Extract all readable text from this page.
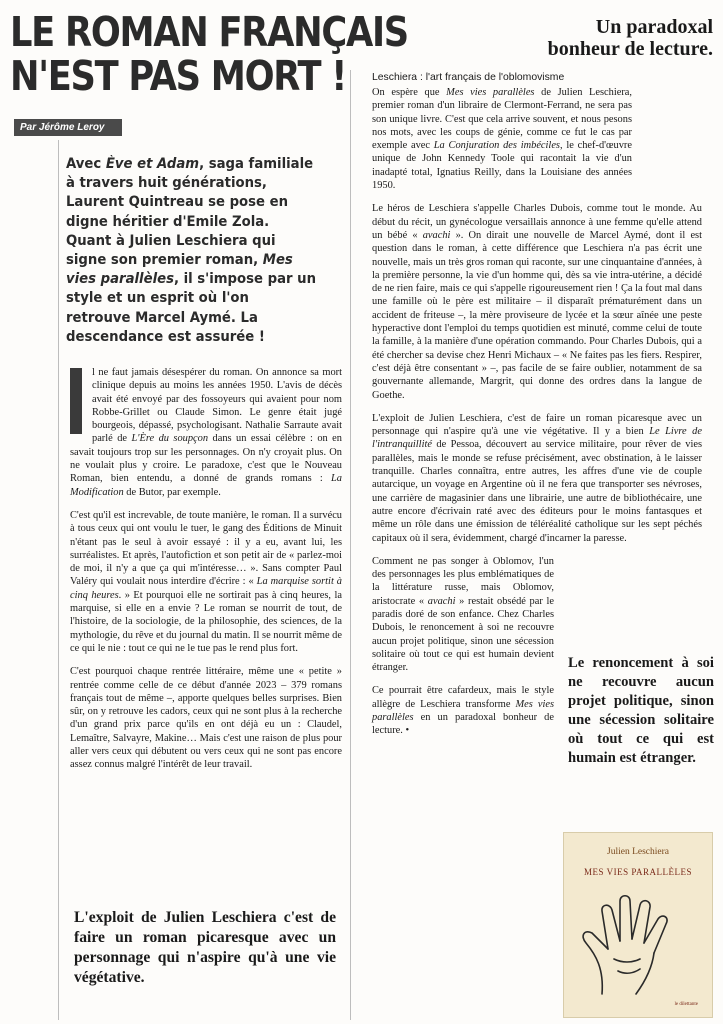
LE ROMAN FRANÇAIS
N'EST PAS MORT !
Par Jérôme Leroy
Un paradoxal
bonheur de lecture.
Avec Ève et Adam, saga familiale à travers huit générations, Laurent Quintreau se pose en digne héritier d'Emile Zola. Quant à Julien Leschiera qui signe son premier roman, Mes vies parallèles, il s'impose par un style et un esprit où l'on retrouve Marcel Aymé. La descendance est assurée !

l ne faut jamais désespérer du roman. On annonce sa mort clinique depuis au moins les années 1950. L'avis de décès avait été envoyé par des fossoyeurs qui avaient pour nom Robbe-Grillet ou Claude Simon. Le genre était jugé bourgeois, dépassé, psychologisant. Nathalie Sarraute avait parlé de L'Ère du soupçon dans un essai célèbre : on en savait toujours trop sur les personnages. On n'y croyait plus. On ne voulait plus y croire. Le paradoxe, c'est que le Nouveau Roman, bien entendu, a donné de grands romans : La Modification de Butor, par exemple.

C'est qu'il est increvable, de toute manière, le roman. Il a survécu à tous ceux qui ont voulu le tuer, le gang des Éditions de Minuit n'étant pas le seul à avoir essayé : il y a eu, avant lui, les surréalistes. Et après, l'autofiction et son petit air de « parlez-moi de moi, il n'y a que ça qui m'intéresse… ». Sans compter Paul Valéry qui voulait nous interdire d'écrire : « La marquise sortit à cinq heures. » Et pourquoi elle ne sortirait pas à cinq heures, la marquise, si elle en a envie ? Le roman se nourrit de tout, de l'histoire, de la sociologie, de la philosophie, des sciences, de la mythologie, du rêve et du journal du matin. Il se nourrit même de ce qui le nie : tout ce qui ne le tue pas le rend plus fort.

C'est pourquoi chaque rentrée littéraire, même une « petite » rentrée comme celle de ce début d'année 2023 – 379 romans français tout de même –, apporte quelques belles surprises. Bien sûr, on y retrouve les cadors, ceux qui ne sont plus à la recherche d'un grand prix parce qu'ils en ont déjà eu un : Claudel, Lemaître, Salvayre, Makine… Mais c'est une raison de plus pour aller vers ceux qui débutent ou vers ceux qui ne sont pas encore assez connus malgré l'intérêt de leur travail.

L'exploit de Julien Leschiera c'est de faire un roman picaresque avec un personnage qui n'aspire qu'à une vie végétative.
Leschiera : l'art français de l'oblomovisme

On espère que Mes vies parallèles de Julien Leschiera, premier roman d'un libraire de Clermont-Ferrand, ne sera pas son unique livre. C'est que cela arrive souvent, et nous pesons nos mots, avec les coups de génie, comme ce fut le cas par exemple avec La Conjuration des imbéciles, le chef-d'œuvre unique de John Kennedy Toole qui racontait la vie d'un inadapté total, Ignatius Reilly, dans la Louisiane des années 1950.

Le héros de Leschiera s'appelle Charles Dubois, comme tout le monde. Au début du récit, un gynécologue versaillais annonce à une femme qu'elle attend un bébé « avachi ». On dirait une nouvelle de Marcel Aymé, dont il est question dans le roman, à cette différence que Leschiera n'a pas écrit une nouvelle, mais un très gros roman qui raconte, sur une cinquantaine d'années, à la première personne, la vie d'un homme qui, dès sa vie intra-utérine, a décidé de ne rien faire, mais ce qui s'appelle rigoureusement rien ! Ça la fout mal dans une famille où le père est militaire – il disparaît prématurément dans un accident de friteuse –, la mère proviseure de lycée et la sœur aînée une peste hyperactive dont l'emploi du temps quotidien est minuté, comme celui de toute la famille, à la manière d'une opération commando. Pour Charles Dubois, qui a été chercher sa devise chez Henri Michaux – « Ne faites pas les fiers. Respirer, c'est déjà être consentant » –, pas facile de se faire oublier, notamment de sa gouvernante allemande, Margrit, qui donne des ordres dans la langue de Goethe.

L'exploit de Julien Leschiera, c'est de faire un roman picaresque avec un personnage qui n'aspire qu'à une vie végétative. Il y a bien Le Livre de l'intranquillité de Pessoa, découvert au service militaire, pour rêver de vies parallèles, mais le monde se refuse précisément, avec obstination, à le laisser tranquille. Charles connaîtra, entre autres, les affres d'une vie de couple autarcique, un voyage en Argentine où il ne fera que transporter ses névroses, une carrière de magasinier dans une librairie, une autre de bibliothécaire, une autre encore d'écrivain raté avec des éditeurs pour le moins fantasques et même un rôle dans une émission de téléréalité catholique sur les sept péchés capitaux où il sera, évidemment, chargé d'incarner la paresse.

Comment ne pas songer à Oblomov, l'un des personnages les plus emblématiques de la littérature russe, mais Oblomov, aristocrate « avachi » restait obsédé par le paradis doré de son enfance. Chez Charles Dubois, le renoncement à soi ne recouvre aucun projet politique, sinon une sécession solitaire où tout ce qui est humain devient étranger.

Ce pourrait être cafardeux, mais le style allègre de Leschiera transforme Mes vies parallèles en un paradoxal bonheur de lecture. •

Le renoncement à soi ne recouvre aucun projet politique, sinon une sécession solitaire où tout ce qui est humain est étranger.
Julien Leschiera
MES VIES PARALLÈLES
le dilettante
